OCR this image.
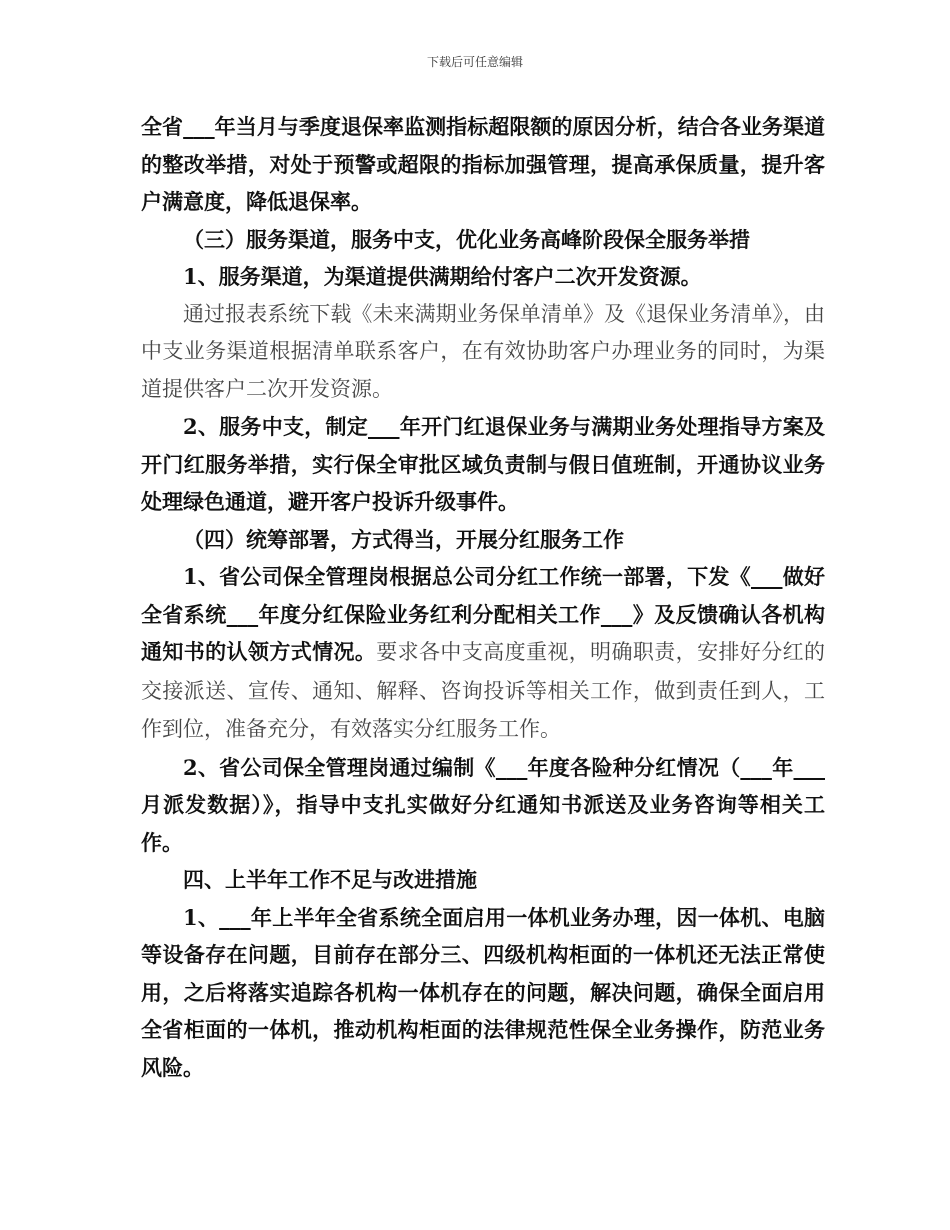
下载后可任意编辑

全省___年当月与季度退保率监测指标超限额的原因分析，结合各业务渠道的整改举措，对处于预警或超限的指标加强管理，提高承保质量，提升客户满意度，降低退保率。

（三）服务渠道，服务中支，优化业务高峰阶段保全服务举措

1、服务渠道，为渠道提供满期给付客户二次开发资源。

通过报表系统下载《未来满期业务保单清单》及《退保业务清单》，由中支业务渠道根据清单联系客户，在有效协助客户办理业务的同时，为渠道提供客户二次开发资源。

2、服务中支，制定___年开门红退保业务与满期业务处理指导方案及开门红服务举措，实行保全审批区域负责制与假日值班制，开通协议业务处理绿色通道，避开客户投诉升级事件。

（四）统筹部署，方式得当，开展分红服务工作

1、省公司保全管理岗根据总公司分红工作统一部署，下发《___做好全省系统___年度分红保险业务红利分配相关工作___》及反馈确认各机构通知书的认领方式情况。要求各中支高度重视，明确职责，安排好分红的交接派送、宣传、通知、解释、咨询投诉等相关工作，做到责任到人，工作到位，准备充分，有效落实分红服务工作。

2、省公司保全管理岗通过编制《___年度各险种分红情况（___年___月派发数据）》，指导中支扎实做好分红通知书派送及业务咨询等相关工作。

四、上半年工作不足与改进措施

1、___年上半年全省系统全面启用一体机业务办理，因一体机、电脑等设备存在问题，目前存在部分三、四级机构柜面的一体机还无法正常使用，之后将落实追踪各机构一体机存在的问题，解决问题，确保全面启用全省柜面的一体机，推动机构柜面的法律规范性保全业务操作，防范业务风险。
